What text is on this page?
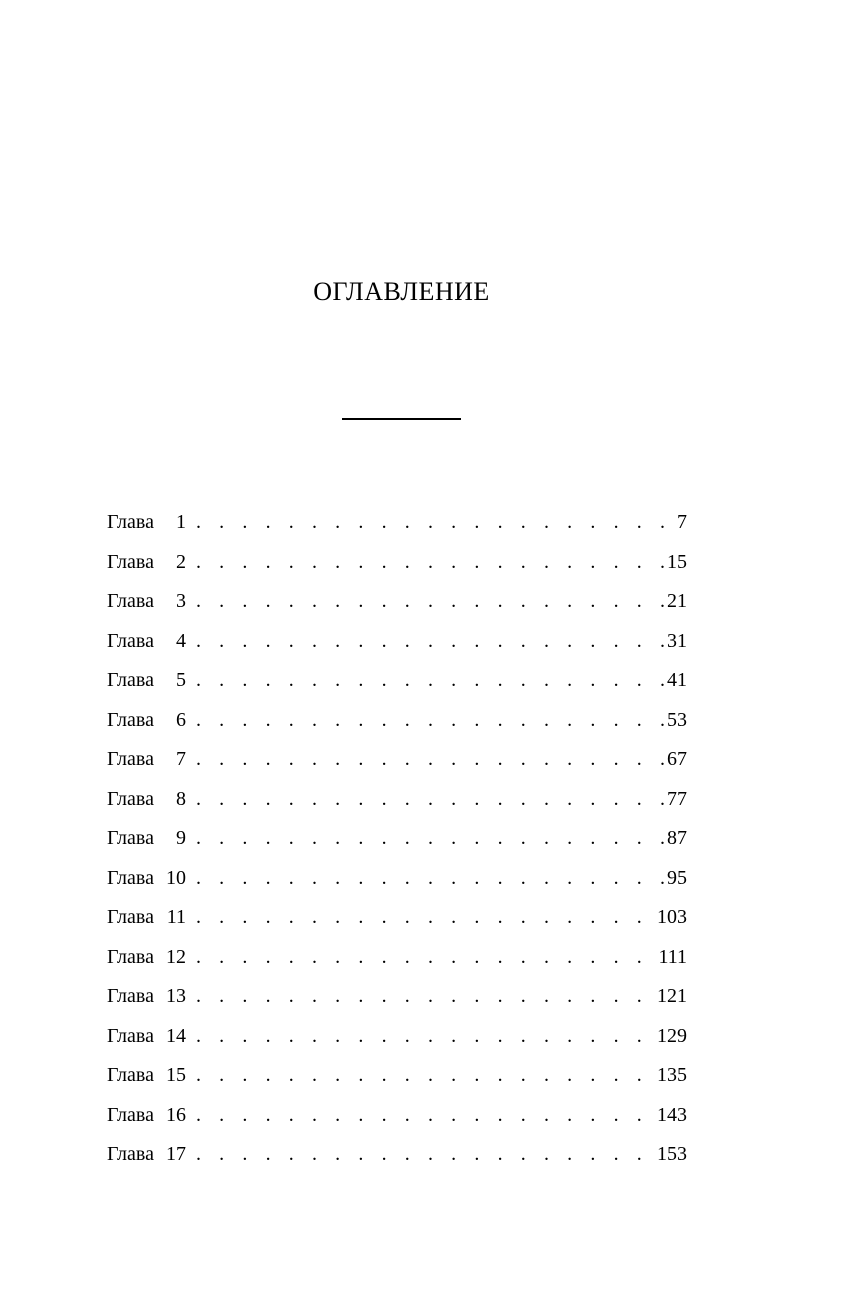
ОГЛАВЛЕНИЕ
Глава	1 . . .	7
Глава	2 . . .	15
Глава	3 . . .	21
Глава	4 . . .	31
Глава	5 . . .	41
Глава	6 . . .	53
Глава	7 . . .	67
Глава	8 . . .	77
Глава	9 . . .	87
Глава 10 . . .	95
Глава 11 . . .	103
Глава 12 . . .	111
Глава 13 . . .	121
Глава 14 . . .	129
Глава 15 . . .	135
Глава 16 . . .	143
Глава 17 . . .	153
